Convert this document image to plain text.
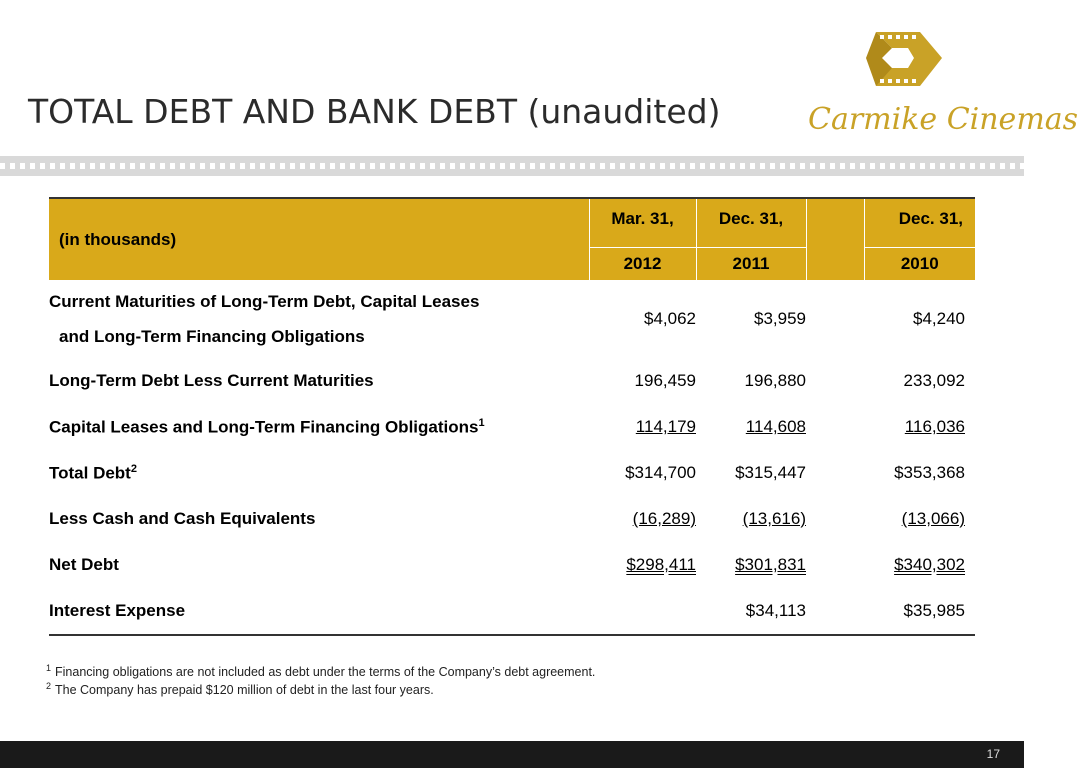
TOTAL DEBT AND BANK DEBT (unaudited)	Carmike Cinemas
(in thousands)	Mar. 31,	Dec. 31,		Dec. 31,
	2012	2011		2010

Current Maturities of Long-Term Debt, Capital Leases
and Long-Term Financing Obligations	$4,062	$3,959		$4,240
Long-Term Debt Less Current Maturities	196,459	196,880		233,092
Capital Leases and Long-Term Financing Obligations$^1$	114,179	114,608		116,036
Total Debt$^2$	$314,700	$315,447		$353,368
Less Cash and Cash Equivalents	(16,289)	(13,616)		(13,066)
Net Debt	$298,411	$301,831		$340,302
Interest Expense		$34,113		$35,985
$^1$ Financing obligations are not included as debt under the terms of the Company’s debt agreement.
$^2$ The Company has prepaid $120 million of debt in the last four years.
17
